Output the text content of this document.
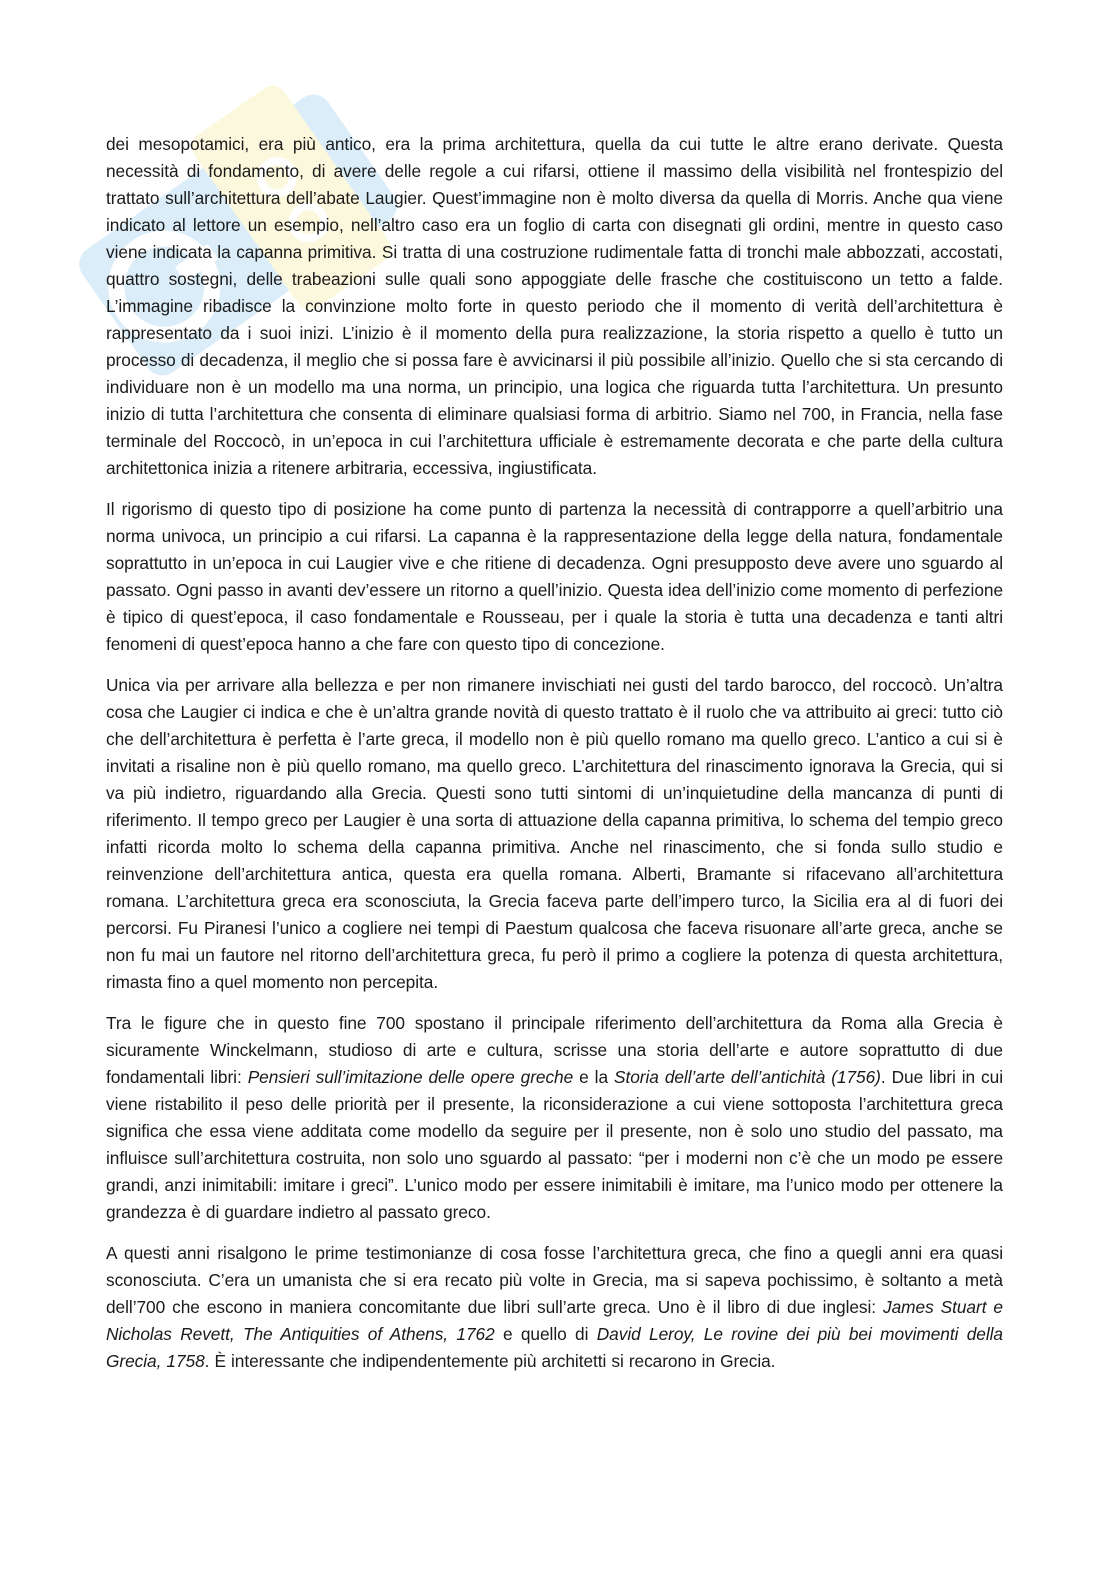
dei mesopotamici, era più antico, era la prima architettura, quella da cui tutte le altre erano derivate. Questa necessità di fondamento, di avere delle regole a cui rifarsi, ottiene il massimo della visibilità nel frontespizio del trattato sull’architettura dell’abate Laugier. Quest’immagine non è molto diversa da quella di Morris. Anche qua viene indicato al lettore un esempio, nell’altro caso era un foglio di carta con disegnati gli ordini, mentre in questo caso viene indicata la capanna primitiva. Si tratta di una costruzione rudimentale fatta di tronchi male abbozzati, accostati, quattro sostegni, delle trabeazioni sulle quali sono appoggiate delle frasche che costituiscono un tetto a falde. L’immagine ribadisce la convinzione molto forte in questo periodo che il momento di verità dell’architettura è rappresentato da i suoi inizi. L’inizio è il momento della pura realizzazione, la storia rispetto a quello è tutto un processo di decadenza, il meglio che si possa fare è avvicinarsi il più possibile all’inizio. Quello che si sta cercando di individuare non è un modello ma una norma, un principio, una logica che riguarda tutta l’architettura. Un presunto inizio di tutta l’architettura che consenta di eliminare qualsiasi forma di arbitrio. Siamo nel 700, in Francia, nella fase terminale del Roccocò, in un’epoca in cui l’architettura ufficiale è estremamente decorata e che parte della cultura architettonica inizia a ritenere arbitraria, eccessiva, ingiustificata.

Il rigorismo di questo tipo di posizione ha come punto di partenza la necessità di contrapporre a quell’arbitrio una norma univoca, un principio a cui rifarsi. La capanna è la rappresentazione della legge della natura, fondamentale soprattutto in un’epoca in cui Laugier vive e che ritiene di decadenza. Ogni presupposto deve avere uno sguardo al passato. Ogni passo in avanti dev’essere un ritorno a quell’inizio. Questa idea dell’inizio come momento di perfezione è tipico di quest’epoca, il caso fondamentale e Rousseau, per i quale la storia è tutta una decadenza e tanti altri fenomeni di quest’epoca hanno a che fare con questo tipo di concezione.

Unica via per arrivare alla bellezza e per non rimanere invischiati nei gusti del tardo barocco, del roccocò. Un’altra cosa che Laugier ci indica e che è un’altra grande novità di questo trattato è il ruolo che va attribuito ai greci: tutto ciò che dell’architettura è perfetta è l’arte greca, il modello non è più quello romano ma quello greco. L’antico a cui si è invitati a risaline non è più quello romano, ma quello greco. L’architettura del rinascimento ignorava la Grecia, qui si va più indietro, riguardando alla Grecia. Questi sono tutti sintomi di un’inquietudine della mancanza di punti di riferimento. Il tempo greco per Laugier è una sorta di attuazione della capanna primitiva, lo schema del tempio greco infatti ricorda molto lo schema della capanna primitiva. Anche nel rinascimento, che si fonda sullo studio e reinvenzione dell’architettura antica, questa era quella romana. Alberti, Bramante si rifacevano all’architettura romana. L’architettura greca era sconosciuta, la Grecia faceva parte dell’impero turco, la Sicilia era al di fuori dei percorsi. Fu Piranesi l’unico a cogliere nei tempi di Paestum qualcosa che faceva risuonare all’arte greca, anche se non fu mai un fautore nel ritorno dell’architettura greca, fu però il primo a cogliere la potenza di questa architettura, rimasta fino a quel momento non percepita.

Tra le figure che in questo fine 700 spostano il principale riferimento dell’architettura da Roma alla Grecia è sicuramente Winckelmann, studioso di arte e cultura, scrisse una storia dell’arte e autore soprattutto di due fondamentali libri: Pensieri sull’imitazione delle opere greche e la Storia dell’arte dell’antichità (1756). Due libri in cui viene ristabilito il peso delle priorità per il presente, la riconsiderazione a cui viene sottoposta l’architettura greca significa che essa viene additata come modello da seguire per il presente, non è solo uno studio del passato, ma influisce sull’architettura costruita, non solo uno sguardo al passato: “per i moderni non c’è che un modo pe essere grandi, anzi inimitabili: imitare i greci”. L’unico modo per essere inimitabili è imitare, ma l’unico modo per ottenere la grandezza è di guardare indietro al passato greco.

A questi anni risalgono le prime testimonianze di cosa fosse l’architettura greca, che fino a quegli anni era quasi sconosciuta. C’era un umanista che si era recato più volte in Grecia, ma si sapeva pochissimo, è soltanto a metà dell’700 che escono in maniera concomitante due libri sull’arte greca. Uno è il libro di due inglesi: James Stuart e Nicholas Revett, The Antiquities of Athens, 1762 e quello di David Leroy, Le rovine dei più bei movimenti della Grecia, 1758. È interessante che indipendentemente più architetti si recarono in Grecia.
